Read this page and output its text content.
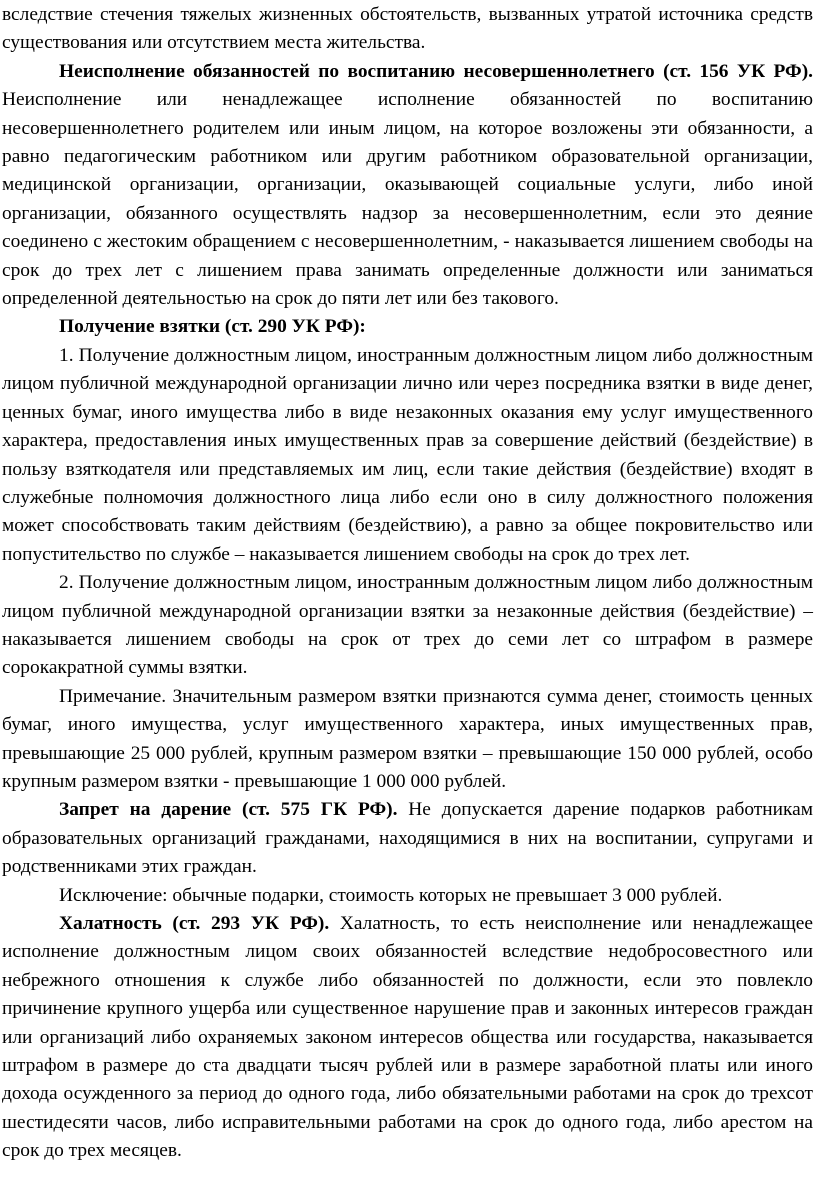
вследствие стечения тяжелых жизненных обстоятельств, вызванных утратой источника средств существования или отсутствием места жительства.

Неисполнение обязанностей по воспитанию несовершеннолетнего (ст. 156 УК РФ). Неисполнение или ненадлежащее исполнение обязанностей по воспитанию несовершеннолетнего родителем или иным лицом, на которое возложены эти обязанности, а равно педагогическим работником или другим работником образовательной организации, медицинской организации, организации, оказывающей социальные услуги, либо иной организации, обязанного осуществлять надзор за несовершеннолетним, если это деяние соединено с жестоким обращением с несовершеннолетним, - наказывается лишением свободы на срок до трех лет с лишением права занимать определенные должности или заниматься определенной деятельностью на срок до пяти лет или без такового.

Получение взятки (ст. 290 УК РФ):

1. Получение должностным лицом, иностранным должностным лицом либо должностным лицом публичной международной организации лично или через посредника взятки в виде денег, ценных бумаг, иного имущества либо в виде незаконных оказания ему услуг имущественного характера, предоставления иных имущественных прав за совершение действий (бездействие) в пользу взяткодателя или представляемых им лиц, если такие действия (бездействие) входят в служебные полномочия должностного лица либо если оно в силу должностного положения может способствовать таким действиям (бездействию), а равно за общее покровительство или попустительство по службе – наказывается лишением свободы на срок до трех лет.

2. Получение должностным лицом, иностранным должностным лицом либо должностным лицом публичной международной организации взятки за незаконные действия (бездействие) – наказывается лишением свободы на срок от трех до семи лет со штрафом в размере сорокакратной суммы взятки.

Примечание. Значительным размером взятки признаются сумма денег, стоимость ценных бумаг, иного имущества, услуг имущественного характера, иных имущественных прав, превышающие 25 000 рублей, крупным размером взятки – превышающие 150 000 рублей, особо крупным размером взятки - превышающие 1 000 000 рублей.

Запрет на дарение (ст. 575 ГК РФ). Не допускается дарение подарков работникам образовательных организаций гражданами, находящимися в них на воспитании, супругами и родственниками этих граждан.

Исключение: обычные подарки, стоимость которых не превышает 3 000 рублей.

Халатность (ст. 293 УК РФ). Халатность, то есть неисполнение или ненадлежащее исполнение должностным лицом своих обязанностей вследствие недобросовестного или небрежного отношения к службе либо обязанностей по должности, если это повлекло причинение крупного ущерба или существенное нарушение прав и законных интересов граждан или организаций либо охраняемых законом интересов общества или государства, наказывается штрафом в размере до ста двадцати тысяч рублей или в размере заработной платы или иного дохода осужденного за период до одного года, либо обязательными работами на срок до трехсот шестидесяти часов, либо исправительными работами на срок до одного года, либо арестом на срок до трех месяцев.
